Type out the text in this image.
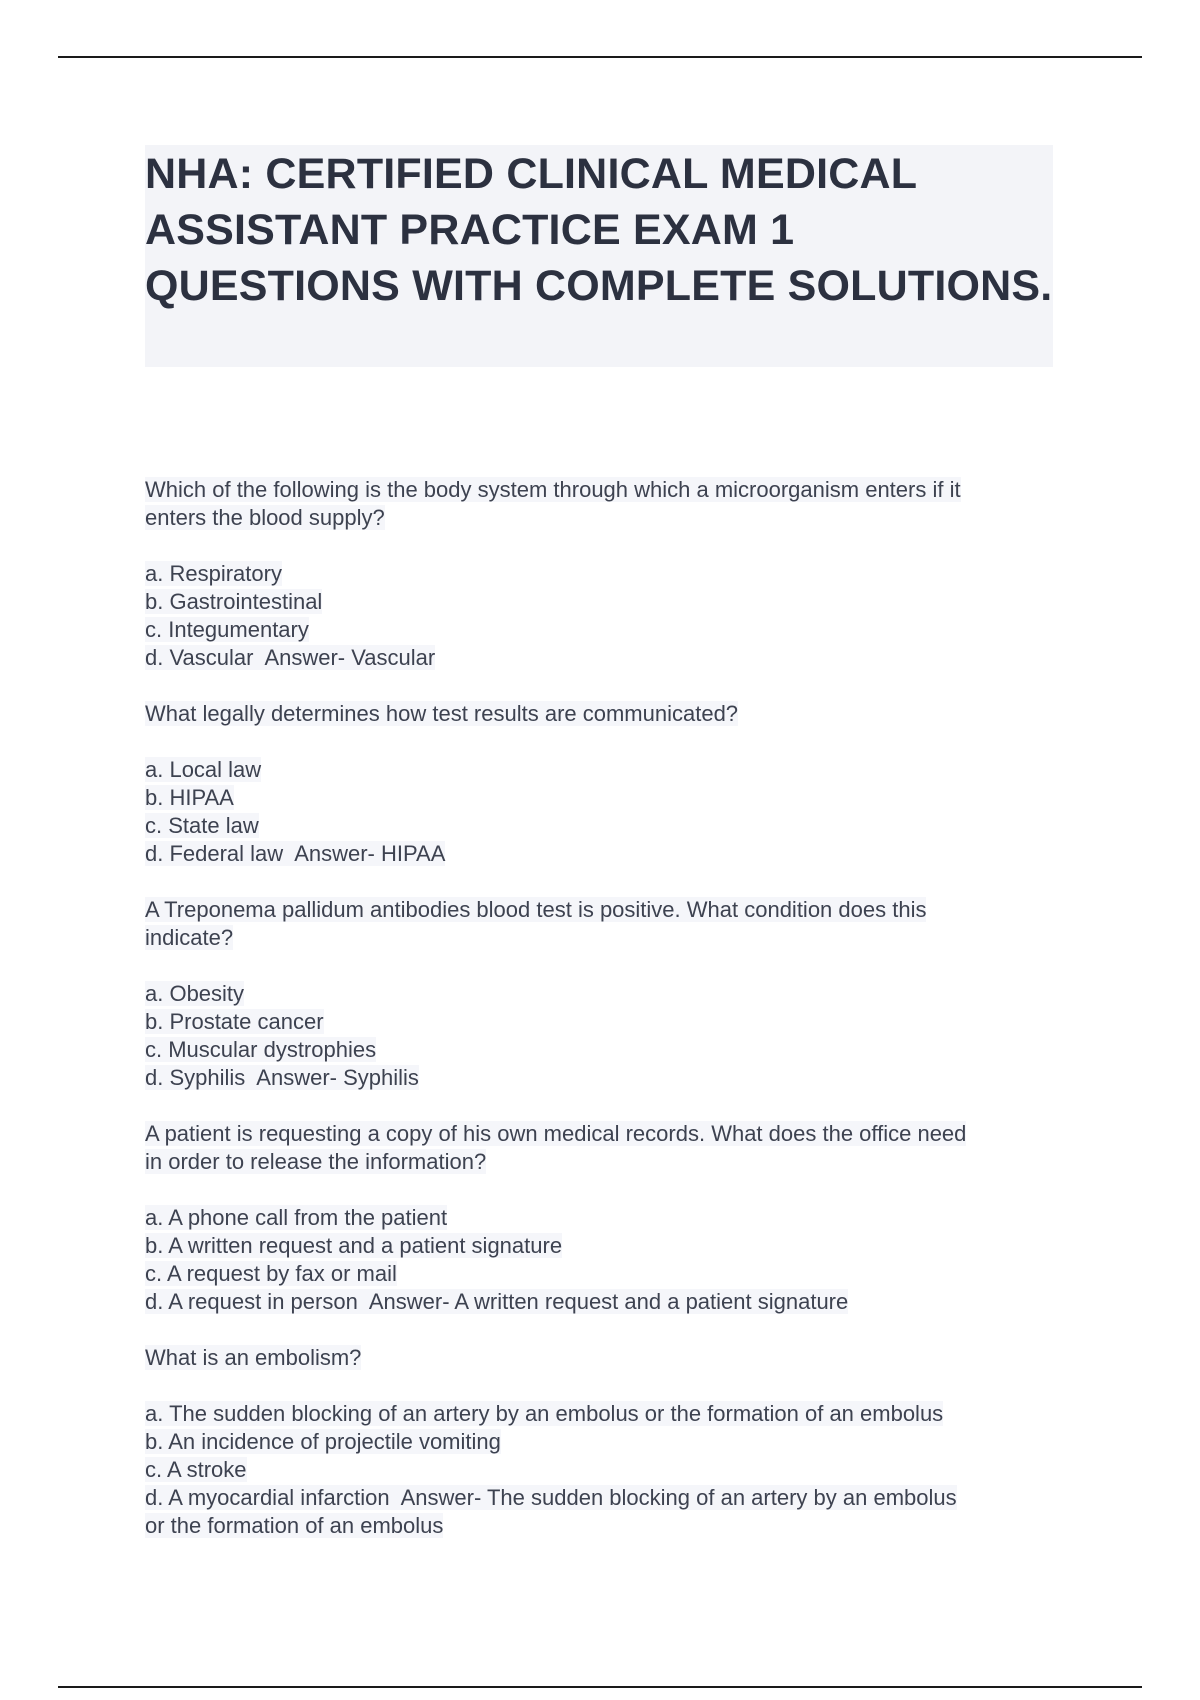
NHA: CERTIFIED CLINICAL MEDICAL ASSISTANT PRACTICE EXAM 1 QUESTIONS WITH COMPLETE SOLUTIONS.

Which of the following is the body system through which a microorganism enters if it
enters the blood supply?

a. Respiratory
b. Gastrointestinal
c. Integumentary
d. Vascular Answer- Vascular

What legally determines how test results are communicated?

a. Local law
b. HIPAA
c. State law
d. Federal law Answer- HIPAA

A Treponema pallidum antibodies blood test is positive. What condition does this
indicate?

a. Obesity
b. Prostate cancer
c. Muscular dystrophies
d. Syphilis Answer- Syphilis

A patient is requesting a copy of his own medical records. What does the office need
in order to release the information?

a. A phone call from the patient
b. A written request and a patient signature
c. A request by fax or mail
d. A request in person Answer- A written request and a patient signature

What is an embolism?

a. The sudden blocking of an artery by an embolus or the formation of an embolus
b. An incidence of projectile vomiting
c. A stroke
d. A myocardial infarction Answer- The sudden blocking of an artery by an embolus
or the formation of an embolus
